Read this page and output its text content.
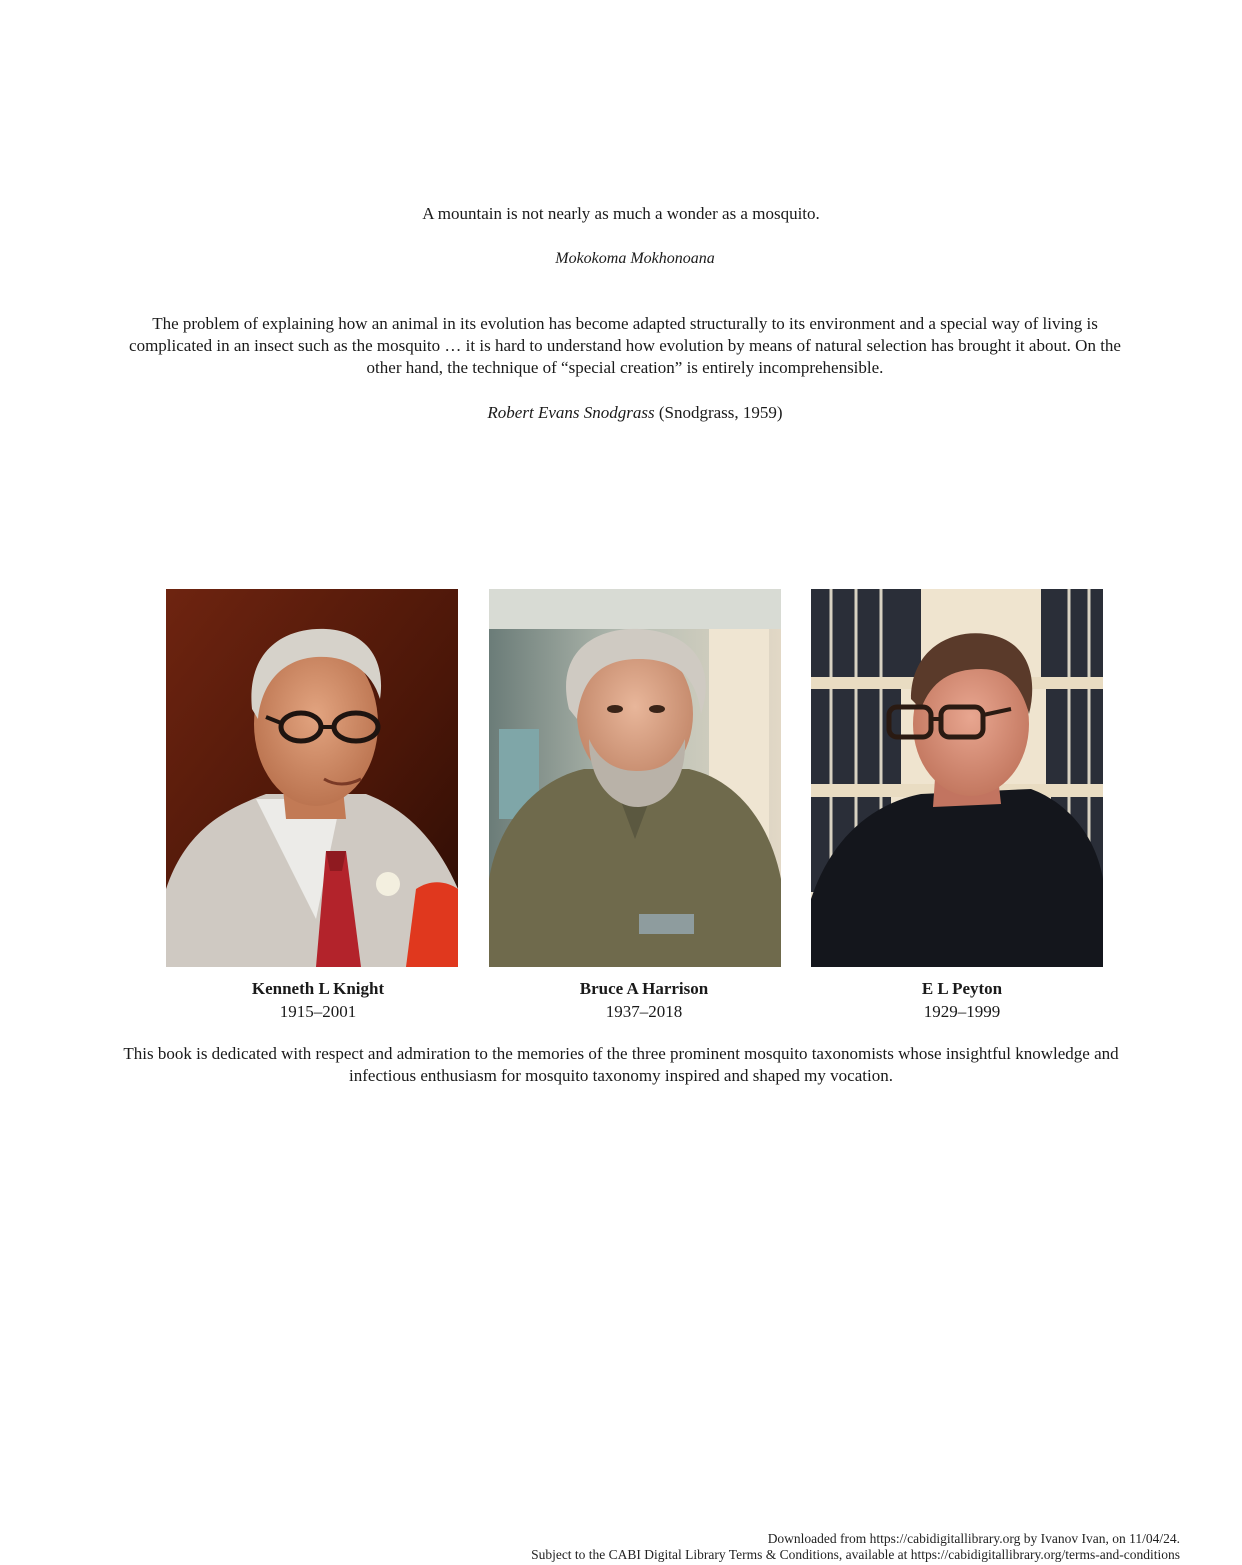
A mountain is not nearly as much a wonder as a mosquito.
Mokokoma Mokhonoana
The problem of explaining how an animal in its evolution has become adapted structurally to its environment and a special way of living is complicated in an insect such as the mosquito … it is hard to understand how evolution by means of natural selection has brought it about. On the other hand, the technique of “special creation” is entirely incomprehensible.
Robert Evans Snodgrass (Snodgrass, 1959)
Kenneth L Knight
1915–2001
Bruce A Harrison
1937–2018
E L Peyton
1929–1999
This book is dedicated with respect and admiration to the memories of the three prominent mosquito taxonomists whose insightful knowledge and infectious enthusiasm for mosquito taxonomy inspired and shaped my vocation.
Downloaded from https://cabidigitallibrary.org by Ivanov Ivan, on 11/04/24.
Subject to the CABI Digital Library Terms & Conditions, available at https://cabidigitallibrary.org/terms-and-conditions
